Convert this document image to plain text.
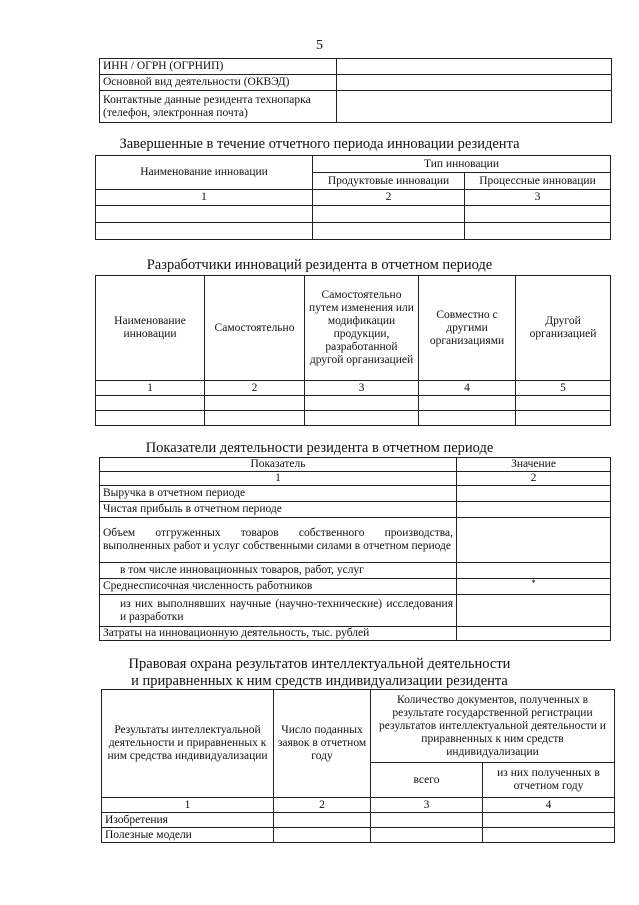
5
ИНН / ОГРН (ОГРНИП)	
Основной вид деятельности (ОКВЭД)	
Контактные данные резидента технопарка (телефон, электронная почта)	
Завершенные в течение отчетного периода инновации резидента
Наименование инновации	Тип инновации	
	Продуктовые инновации	Процессные инновации
1	2	3

Разработчики инноваций резидента в отчетном периоде
Наименование инновации	Самостоятельно	Самостоятельно путем изменения или модификации продукции, разработанной другой организацией	Совместно с другими организациями	Другой организацией
1	2	3	4	5

Показатели деятельности резидента в отчетном периоде
Показатель	Значение
1	2
Выручка в отчетном периоде	
Чистая прибыль в отчетном периоде	
Объем отгруженных товаров собственного производства, выполненных работ и услуг собственными силами в отчетном периоде	
в том числе инновационных товаров, работ, услуг	
Среднесписочная численность работников	*
из них выполнявших научные (научно-технические) исследования и разработки	
Затраты на инновационную деятельность, тыс. рублей	
Правовая охрана результатов интеллектуальной деятельности
и приравненных к ним средств индивидуализации резидента
Результаты интеллектуальной деятельности и приравненных к ним средства индивидуализации	Число поданных заявок в отчетном году	Количество документов, полученных в результате государственной регистрации результатов интеллектуальной деятельности и приравненных к ним средств индивидуализации	
		всего	из них полученных в отчетном году
1	2	3	4
Изобретения			
Полезные модели			
